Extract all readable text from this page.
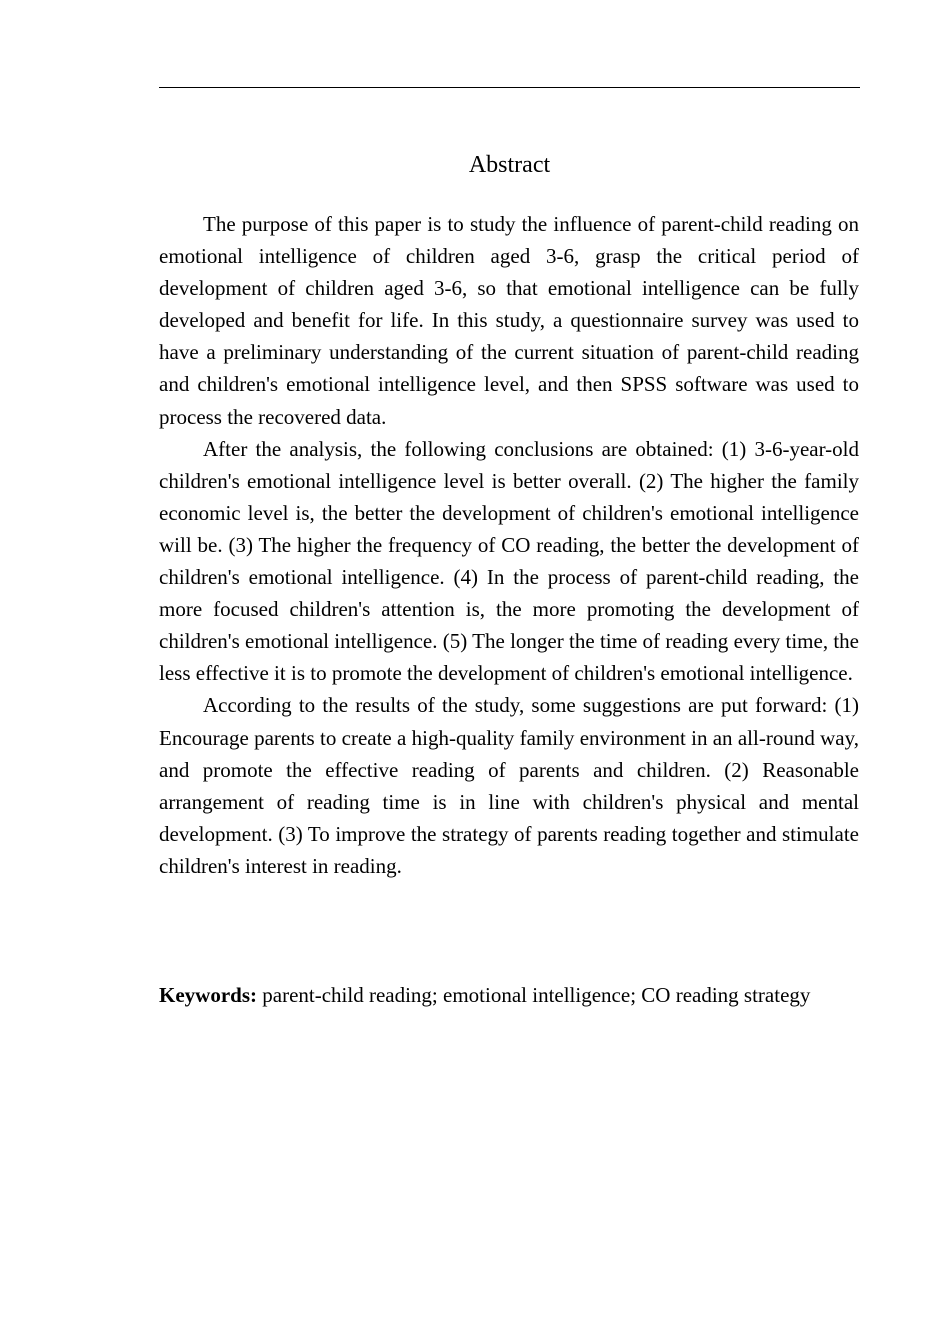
Abstract

The purpose of this paper is to study the influence of parent-child reading on emotional intelligence of children aged 3-6, grasp the critical period of development of children aged 3-6, so that emotional intelligence can be fully developed and benefit for life. In this study, a questionnaire survey was used to have a preliminary understanding of the current situation of parent-child reading and children's emotional intelligence level, and then SPSS software was used to process the recovered data.

After the analysis, the following conclusions are obtained: (1) 3-6-year-old children's emotional intelligence level is better overall. (2) The higher the family economic level is, the better the development of children's emotional intelligence will be. (3) The higher the frequency of CO reading, the better the development of children's emotional intelligence. (4) In the process of parent-child reading, the more focused children's attention is, the more promoting the development of children's emotional intelligence. (5) The longer the time of reading every time, the less effective it is to promote the development of children's emotional intelligence.

According to the results of the study, some suggestions are put forward: (1) Encourage parents to create a high-quality family environment in an all-round way, and promote the effective reading of parents and children. (2) Reasonable arrangement of reading time is in line with children's physical and mental development. (3) To improve the strategy of parents reading together and stimulate children's interest in reading.

Keywords: parent-child reading; emotional intelligence; CO reading strategy
